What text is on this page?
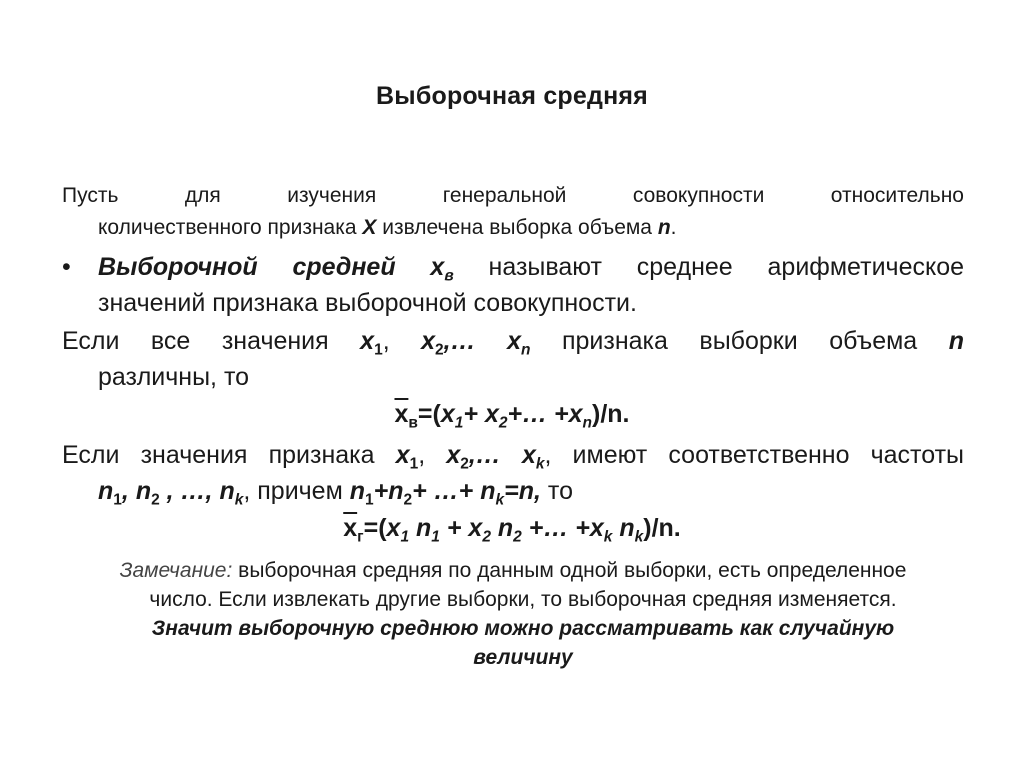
Выборочная средняя
Пусть для изучения генеральной совокупности относительно
количественного признака X извлечена выборка объема n.
•	Выборочной средней $x_в$ называют среднее арифметическое
значений признака выборочной совокупности.
Если все значения $x_1$, $x_2,\dots$ $x_n$ признака выборки объема n
различны, то
$\overline{x}_в=(x_1+$ $x_2+\dots +x_n)/n$.
Если значения признака $x_1$, $x_2,\dots$ $x_k$, имеют соответственно частоты
$n_1$, $n_2$ , …, $n_k$, причем $n_1+n_2+$ …+ $n_k=n$, то
$\overline{x}_г=(x_1$ $n_1 + x_2$ $n_2$ +… $+x_k$ $n_k)/n$.
Замечание: выборочная средняя по данным одной выборки, есть определенное
число. Если извлекать другие выборки, то выборочная средняя изменяется.
Значит выборочную среднюю можно рассматривать как случайную
величину
